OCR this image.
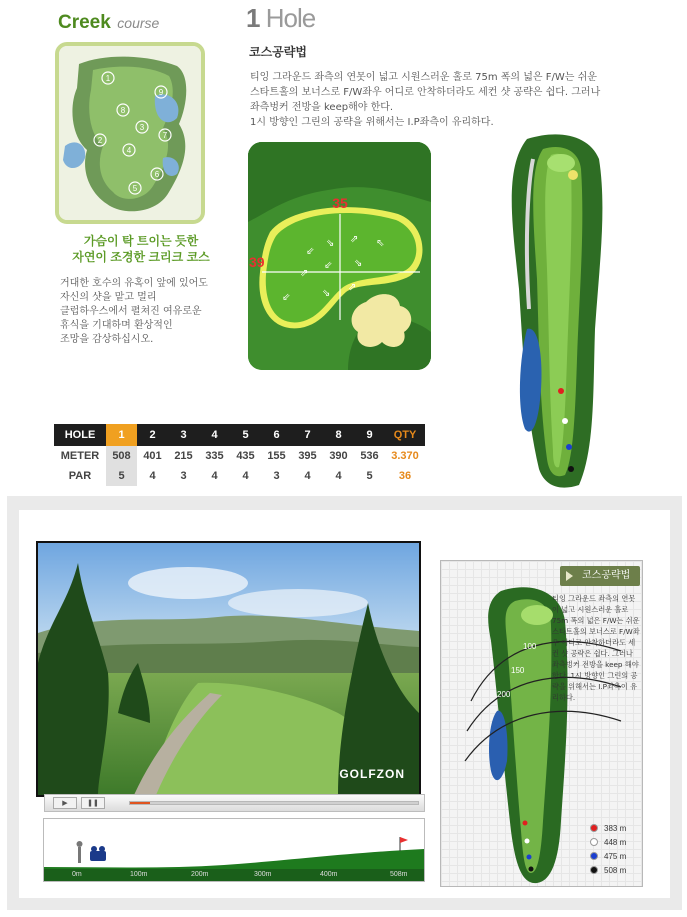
Creek course
1
9
8
3
2
4
7
6
5
가슴이 탁 트이는 듯한
자연이 조경한 크리크 코스
거대한 호수의 유혹이 앞에 있어도
자신의 샷을 맡고 멀리
클럽하우스에서 펼쳐진 여유로운
휴식을 기대하며 환상적인
조망을 감상하십시오.
1 Hole
코스공략법
티잉 그라운드 좌측의 연못이 넓고 시원스러운 홀로 75m 폭의 넓은 F/W는 쉬운
스타트홀의 보너스로 F/W좌우 어디로 안착하더라도 세컨 샷 공략은 쉽다. 그러나
좌측벙커 전방을 keep해야 한다.
1시 방향인 그린의 공략을 위해서는 I.P좌측이 유리하다.
35
39
⇙
⇘ ⇗ ⇖
⇗
⇙ ⇘
⇙	⇘
⇗
HOLE	1	2	3	4	5	6	7	8	9	QTY
METER	508	401	215	335	435	155	395	390	536	3.370
PAR	5	4	3	4	4	3	4	4	5	36
GOLFZON
▶	❚❚
0m	100m	200m	300m	400m	508m
100
150
200
코스공략법
티잉 그라운드 좌측의 연못이 넓고 시원스러운 홀로 75m 폭의 넓은 F/W는 쉬운 스타트홀의 보너스로 F/W좌우 어디로 안착하더라도 세컨 샷 공략은 쉽다. 그러나 좌측벙커 전방을 keep 해야 한다. 1시 방향인 그린의 공략을 위해서는 I.P좌측이 유리하다.
383 m
448 m
475 m
508 m
